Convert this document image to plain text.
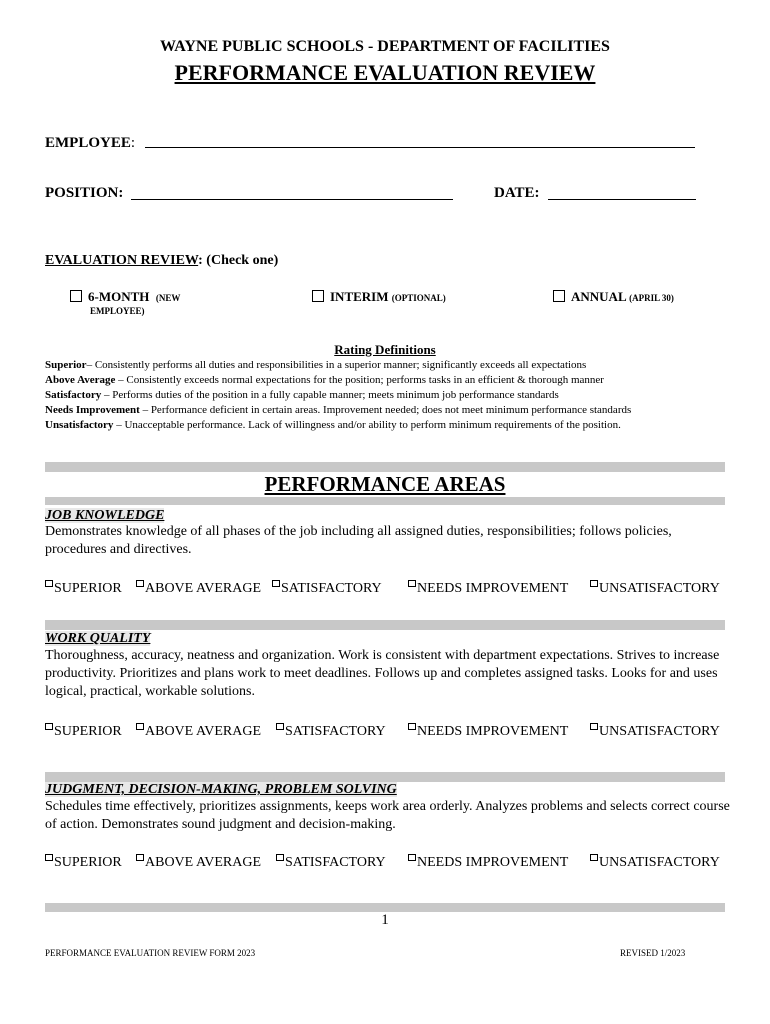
WAYNE PUBLIC SCHOOLS - DEPARTMENT OF FACILITIES
PERFORMANCE EVALUATION REVIEW
EMPLOYEE:
POSITION:	DATE:
EVALUATION REVIEW: (Check one)
6-MONTH (NEW
EMPLOYEE)
INTERIM (OPTIONAL)	ANNUAL (APRIL 30)
Rating Definitions
Superior– Consistently performs all duties and responsibilities in a superior manner; significantly exceeds all expectations
Above Average – Consistently exceeds normal expectations for the position; performs tasks in an efficient & thorough manner
Satisfactory – Performs duties of the position in a fully capable manner; meets minimum job performance standards
Needs Improvement – Performance deficient in certain areas. Improvement needed; does not meet minimum performance standards
Unsatisfactory – Unacceptable performance. Lack of willingness and/or ability to perform minimum requirements of the position.
PERFORMANCE AREAS
JOB KNOWLEDGE
Demonstrates knowledge of all phases of the job including all assigned duties, responsibilities; follows policies, procedures and directives.
SUPERIOR	ABOVE AVERAGE	SATISFACTORY	NEEDS IMPROVEMENT	UNSATISFACTORY
WORK QUALITY
Thoroughness, accuracy, neatness and organization. Work is consistent with department expectations. Strives to increase productivity. Prioritizes and plans work to meet deadlines. Follows up and completes assigned tasks. Looks for and uses logical, practical, workable solutions.
SUPERIOR	ABOVE AVERAGE	SATISFACTORY	NEEDS IMPROVEMENT	UNSATISFACTORY
JUDGMENT, DECISION-MAKING, PROBLEM SOLVING
Schedules time effectively, prioritizes assignments, keeps work area orderly. Analyzes problems and selects correct course of action. Demonstrates sound judgment and decision-making.
SUPERIOR	ABOVE AVERAGE	SATISFACTORY	NEEDS IMPROVEMENT	UNSATISFACTORY
1
PERFORMANCE EVALUATION REVIEW FORM 2023	REVISED 1/2023
